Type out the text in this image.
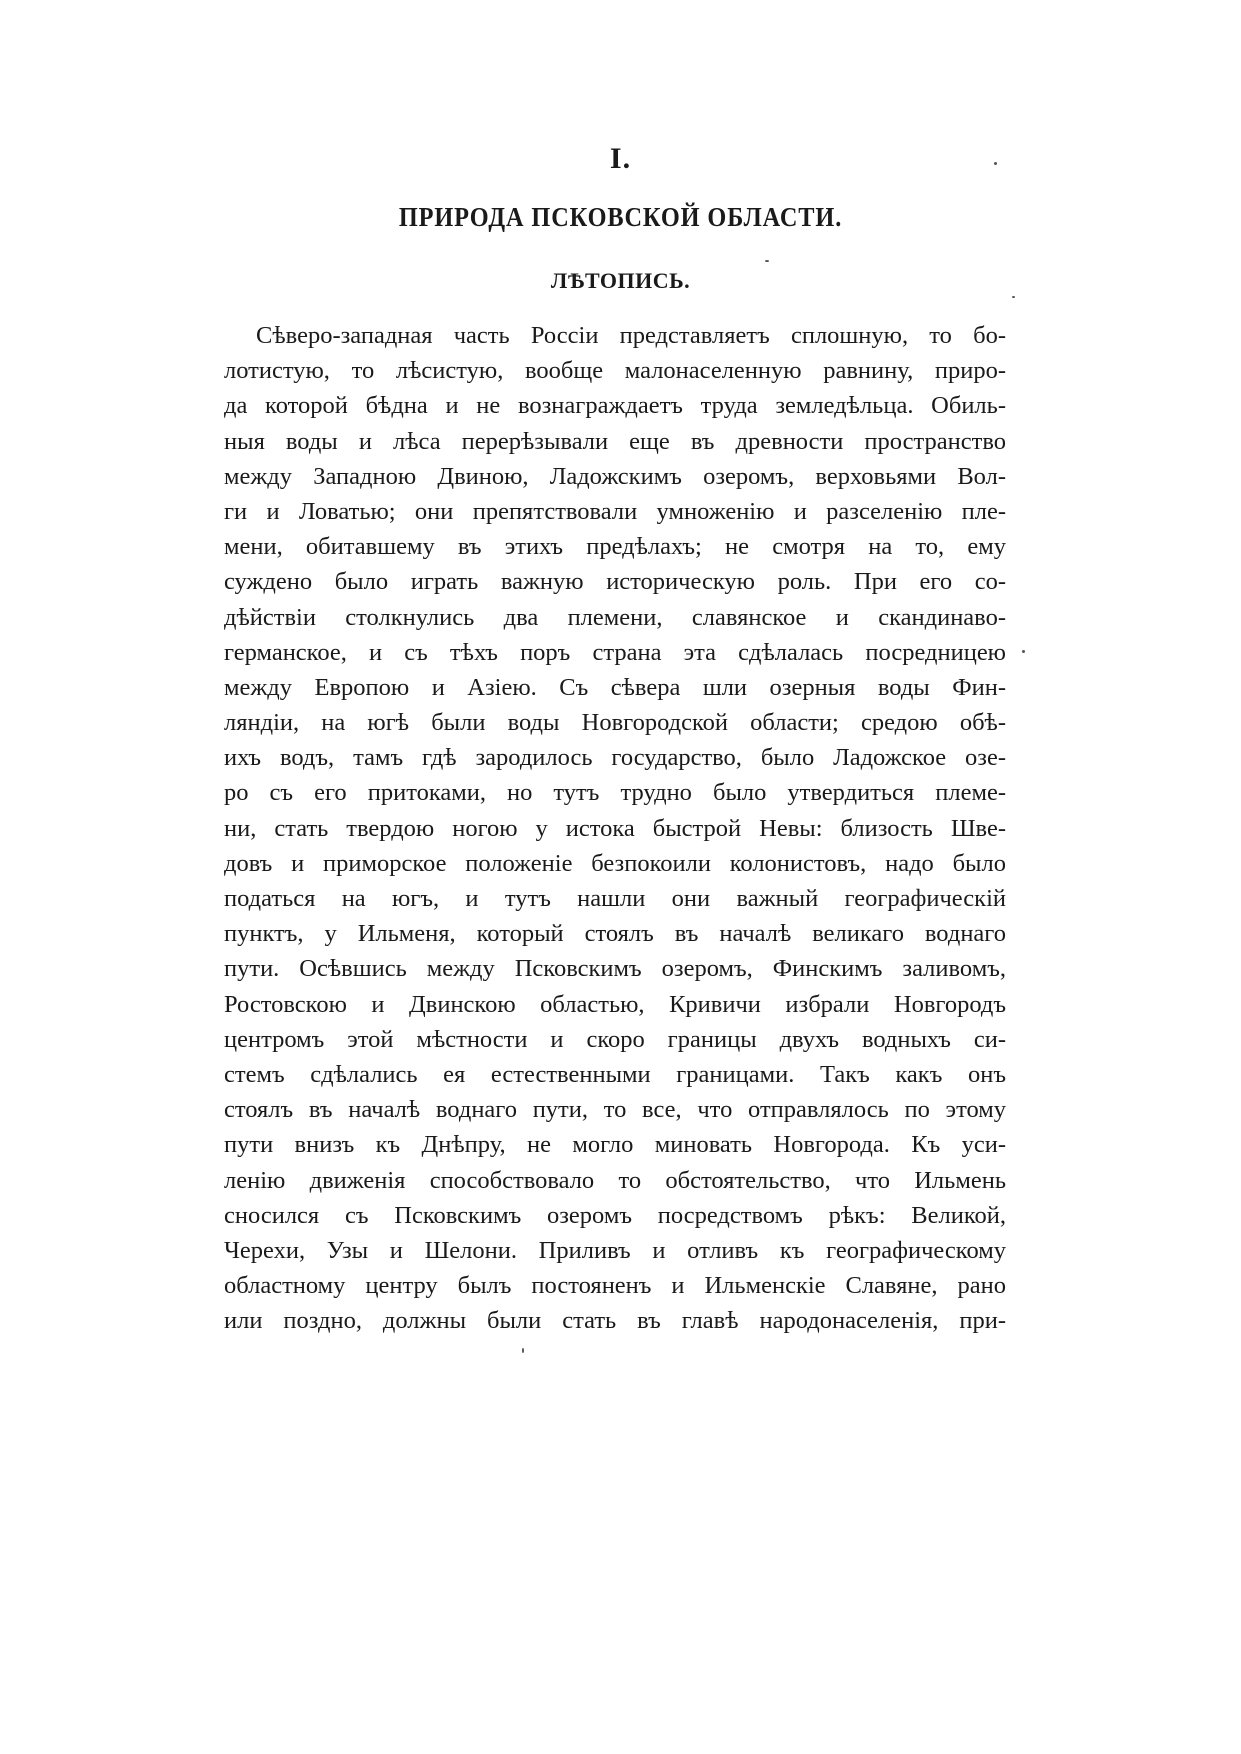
I.
ПРИРОДА ПСКОВСКОЙ ОБЛАСТИ.
ЛѢТОПИСЬ.
Сѣверо-западная часть Россіи представляетъ сплошную, то бо-
лотистую, то лѣсистую, вообще малонаселенную равнину, приро-
да которой бѣдна и не вознаграждаетъ труда земледѣльца. Обиль-
ныя воды и лѣса перерѣзывали еще въ древности пространство
между Западною Двиною, Ладожскимъ озеромъ, верховьями Вол-
ги и Ловатью; они препятствовали умноженію и разселенію пле-
мени, обитавшему въ этихъ предѣлахъ; не смотря на то, ему
суждено было играть важную историческую роль. При его со-
дѣйствіи столкнулись два племени, славянское и скандинаво-
германское, и съ тѣхъ поръ страна эта сдѣлалась посредницею
между Европою и Азіею. Съ сѣвера шли озерныя воды Фин-
ляндіи, на югѣ были воды Новгородской области; средою обѣ-
ихъ водъ, тамъ гдѣ зародилось государство, было Ладожское озе-
ро съ его притоками, но тутъ трудно было утвердиться племе-
ни, стать твердою ногою у истока быстрой Невы: близость Шве-
довъ и приморское положеніе безпокоили колонистовъ, надо было
податься на югъ, и тутъ нашли они важный географическій
пунктъ, у Ильменя, который стоялъ въ началѣ великаго воднаго
пути. Осѣвшись между Псковскимъ озеромъ, Финскимъ заливомъ,
Ростовскою и Двинскою областью, Кривичи избрали Новгородъ
центромъ этой мѣстности и скоро границы двухъ водныхъ си-
стемъ сдѣлались ея естественными границами. Такъ какъ онъ
стоялъ въ началѣ воднаго пути, то все, что отправлялось по этому
пути внизъ къ Днѣпру, не могло миновать Новгорода. Къ уси-
ленію движенія способствовало то обстоятельство, что Ильмень
сносился съ Псковскимъ озеромъ посредствомъ рѣкъ: Великой,
Черехи, Узы и Шелони. Приливъ и отливъ къ географическому
областному центру былъ постояненъ и Ильменскіе Славяне, рано
или поздно, должны были стать въ главѣ народонаселенія, при-
